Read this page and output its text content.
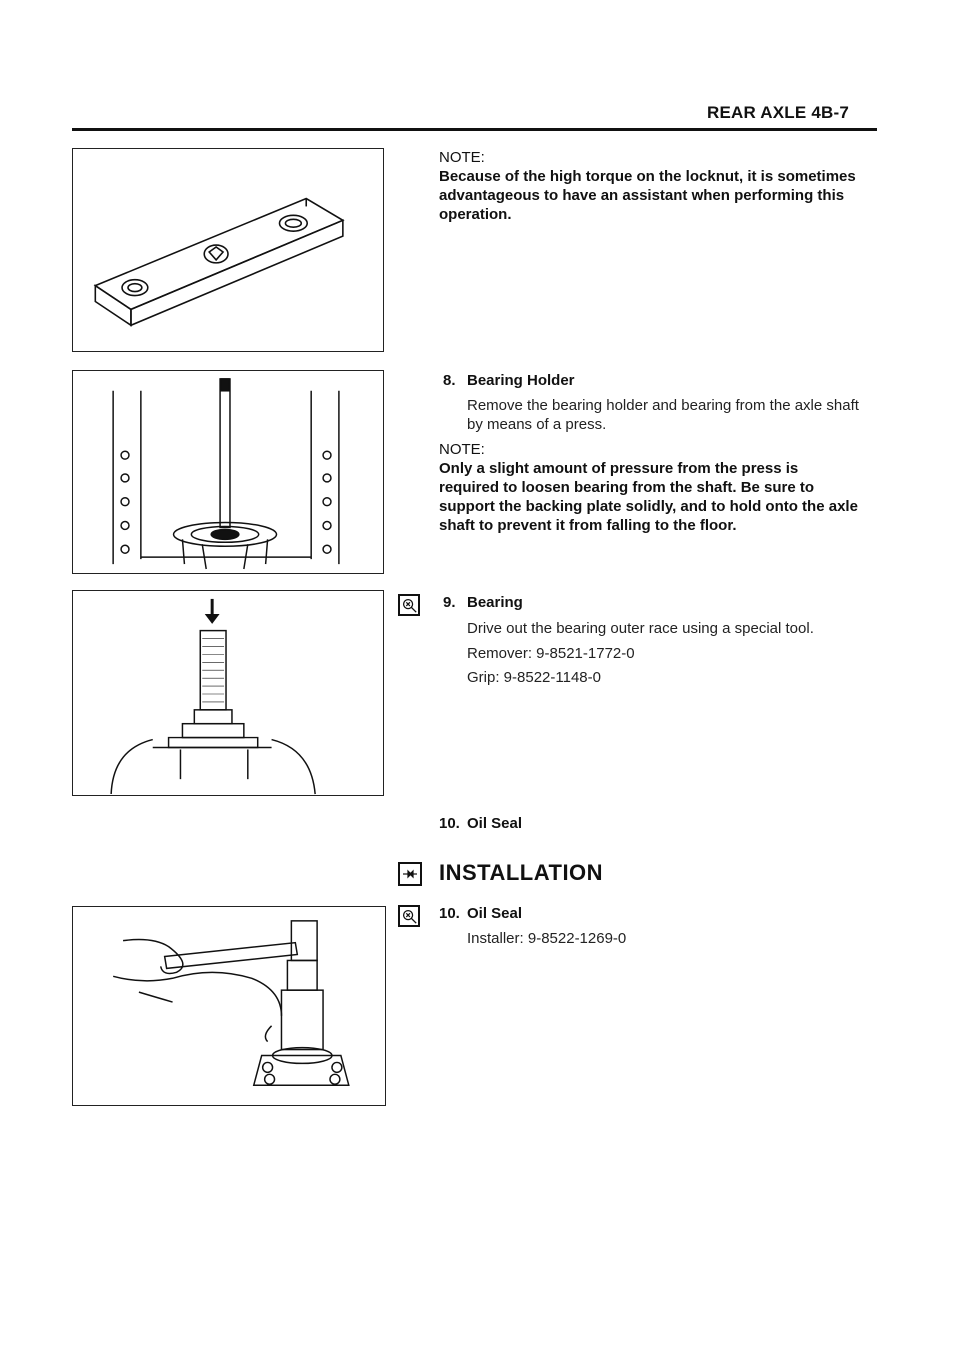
REAR AXLE 4B-7
NOTE:
Because of the high torque on the locknut, it is sometimes advantageous to have an assistant when performing this operation.
8. Bearing Holder
Remove the bearing holder and bearing from the axle shaft by means of a press.
NOTE:
Only a slight amount of pressure from the press is required to loosen bearing from the shaft. Be sure to support the backing plate solidly, and to hold onto the axle shaft to prevent it from falling to the floor.
9. Bearing
Drive out the bearing outer race using a special tool.
Remover: 9-8521-1772-0
Grip: 9-8522-1148-0
10. Oil Seal
INSTALLATION
10. Oil Seal
Installer: 9-8522-1269-0
